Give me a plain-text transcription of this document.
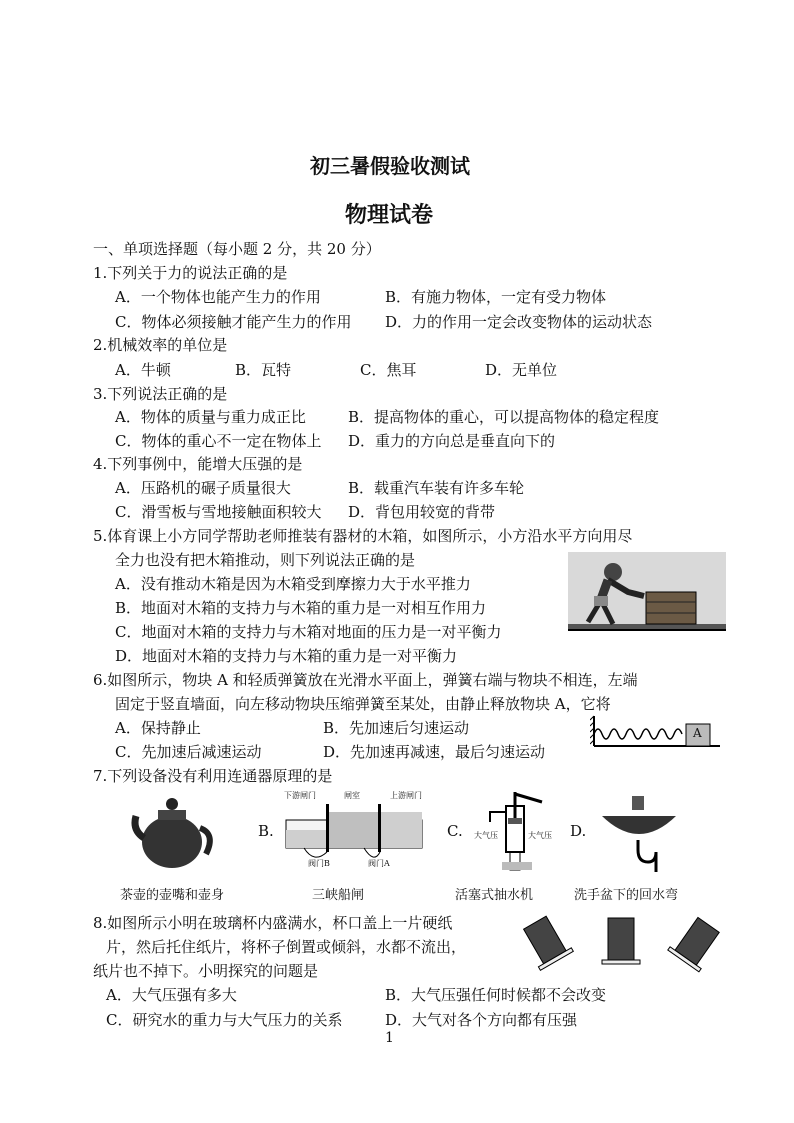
初三暑假验收测试
物理试卷
一、单项选择题（每小题 2 分，共 20 分）
1.下列关于力的说法正确的是
A．一个物体也能产生力的作用	B．有施力物体，一定有受力物体
C．物体必须接触才能产生力的作用 D．力的作用一定会改变物体的运动状态
2.机械效率的单位是
A．牛顿	B．瓦特	C．焦耳	D．无单位
3.下列说法正确的是
A．物体的质量与重力成正比	B．提高物体的重心，可以提高物体的稳定程度
C．物体的重心不一定在物体上 D．重力的方向总是垂直向下的
4.下列事例中，能增大压强的是
A．压路机的碾子质量很大	B．载重汽车装有许多车轮
C．滑雪板与雪地接触面积较大 D．背包用较宽的背带
5.体育课上小方同学帮助老师推装有器材的木箱，如图所示，小方沿水平方向用尽
全力也没有把木箱推动，则下列说法正确的是
A．没有推动木箱是因为木箱受到摩擦力大于水平推力
B．地面对木箱的支持力与木箱的重力是一对相互作用力
C．地面对木箱的支持力与木箱对地面的压力是一对平衡力
D．地面对木箱的支持力与木箱的重力是一对平衡力
6.如图所示，物块 A 和轻质弹簧放在光滑水平面上，弹簧右端与物块不相连，左端
固定于竖直墙面，向左移动物块压缩弹簧至某处，由静止释放物块 A，它将
A．保持静止	B．先加速后匀速运动
C．先加速后减速运动	D．先加速再减速，最后匀速运动
A
7.下列设备没有利用连通器原理的是
茶壶的壶嘴和壶身
B.
下游闸门	闸室	上游闸门
阀门B	阀门A
三峡船闸
C. 大气压	大气压
活塞式抽水机
D.
洗手盆下的回水弯
8.如图所示小明在玻璃杯内盛满水，杯口盖上一片硬纸
片，然后托住纸片，将杯子倒置或倾斜，水都不流出，
纸片也不掉下。小明探究的问题是
A．大气压强有多大	B．大气压强任何时候都不会改变
C．研究水的重力与大气压力的关系	D．大气对各个方向都有压强
1
